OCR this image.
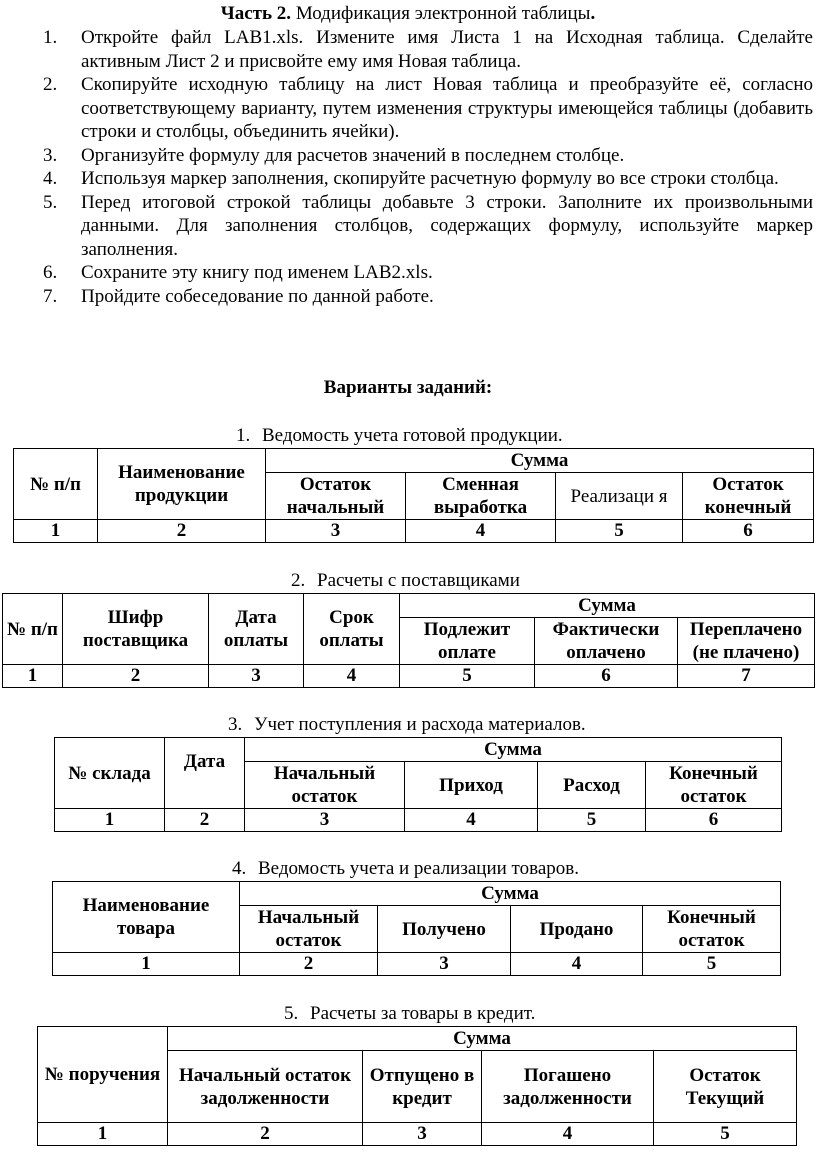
Часть 2. Модификация электронной таблицы.
1. Откройте файл LAB1.xls. Измените имя Листа 1 на Исходная таблица. Сделайте активным Лист 2 и присвойте ему имя Новая таблица.
2. Скопируйте исходную таблицу на лист Новая таблица и преобразуйте её, согласно соответствующему варианту, путем изменения структуры имеющейся таблицы (добавить строки и столбцы, объединить ячейки).
3. Организуйте формулу для расчетов значений в последнем столбце.
4. Используя маркер заполнения, скопируйте расчетную формулу во все строки столбца.
5. Перед итоговой строкой таблицы добавьте 3 строки. Заполните их произвольными данными. Для заполнения столбцов, содержащих формулу, используйте маркер заполнения.
6. Сохраните эту книгу под именем LAB2.xls.
7. Пройдите собеседование по данной работе.
Варианты заданий:
1. Ведомость учета готовой продукции.
№ п/п	Наименование продукции	Сумма			
		Остаток начальный	Сменная выработка	Реализаци я	Остаток конечный
1	2	3	4	5	6
2. Расчеты с поставщиками
№ п/п	Шифр поставщика	Дата оплаты	Срок оплаты	Сумма		
				Подлежит оплате	Фактически оплачено	Переплачено (не плачено)
1	2	3	4	5	6	7
3. Учет поступления и расхода материалов.
№ склада	Дата	Сумма			
		Начальный остаток	Приход	Расход	Конечный остаток
1	2	3	4	5	6
4. Ведомость учета и реализации товаров.
Наименование товара	Сумма			
	Начальный остаток	Получено	Продано	Конечный остаток
1	2	3	4	5
5. Расчеты за товары в кредит.
№ поручения	Сумма			
	Начальный остаток задолженности	Отпущено в кредит	Погашено задолженности	Остаток Текущий
1	2	3	4	5
